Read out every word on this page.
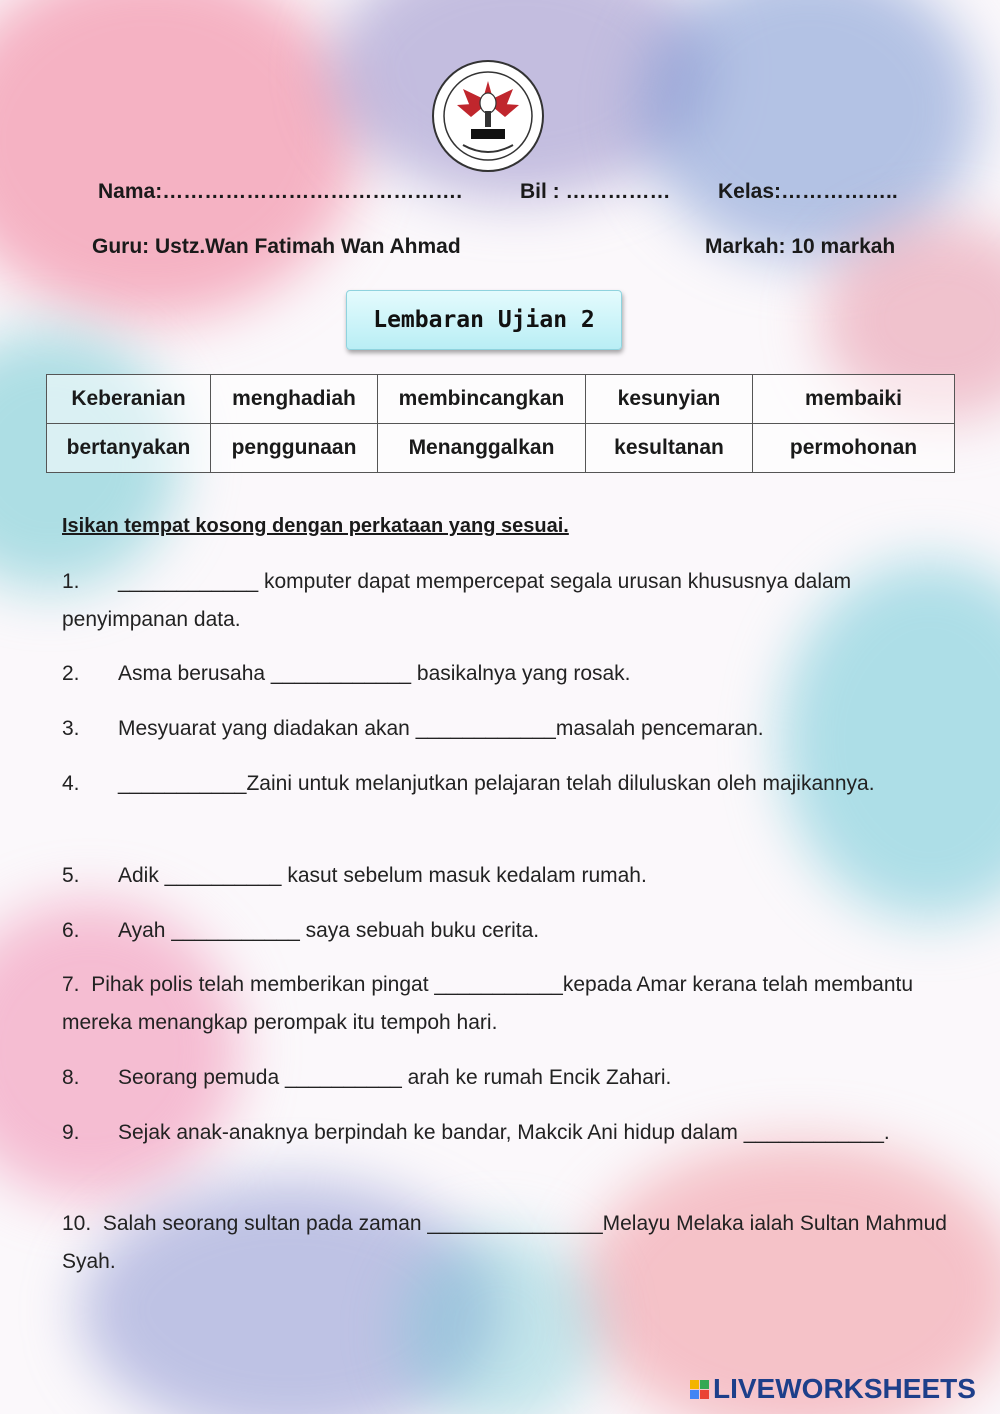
Nama:…………………………………….	Bil : …………… Kelas:……………..
Guru: Ustz.Wan Fatimah Wan Ahmad	Markah: 10 markah
Lembaran Ujian 2
Keberanian	menghadiah	membincangkan	kesunyian	membaiki
bertanyakan	penggunaan	Menanggalkan	kesultanan	permohonan
Isikan tempat kosong dengan perkataan yang sesuai.
1. ____________ komputer dapat mempercepat segala urusan khususnya dalam penyimpanan data.
2. Asma berusaha ____________ basikalnya yang rosak.
3. Mesyuarat yang diadakan akan ____________masalah pencemaran.
4. ___________Zaini untuk melanjutkan pelajaran telah diluluskan oleh majikannya.
5. Adik __________ kasut sebelum masuk kedalam rumah.
6. Ayah ___________ saya sebuah buku cerita.
7. Pihak polis telah memberikan pingat ___________kepada Amar kerana telah membantu mereka menangkap perompak itu tempoh hari.
8. Seorang pemuda __________ arah ke rumah Encik Zahari.
9. Sejak anak-anaknya berpindah ke bandar, Makcik Ani hidup dalam ____________.
10. Salah seorang sultan pada zaman _______________Melayu Melaka ialah Sultan Mahmud Syah.
LIVEWORKSHEETS
